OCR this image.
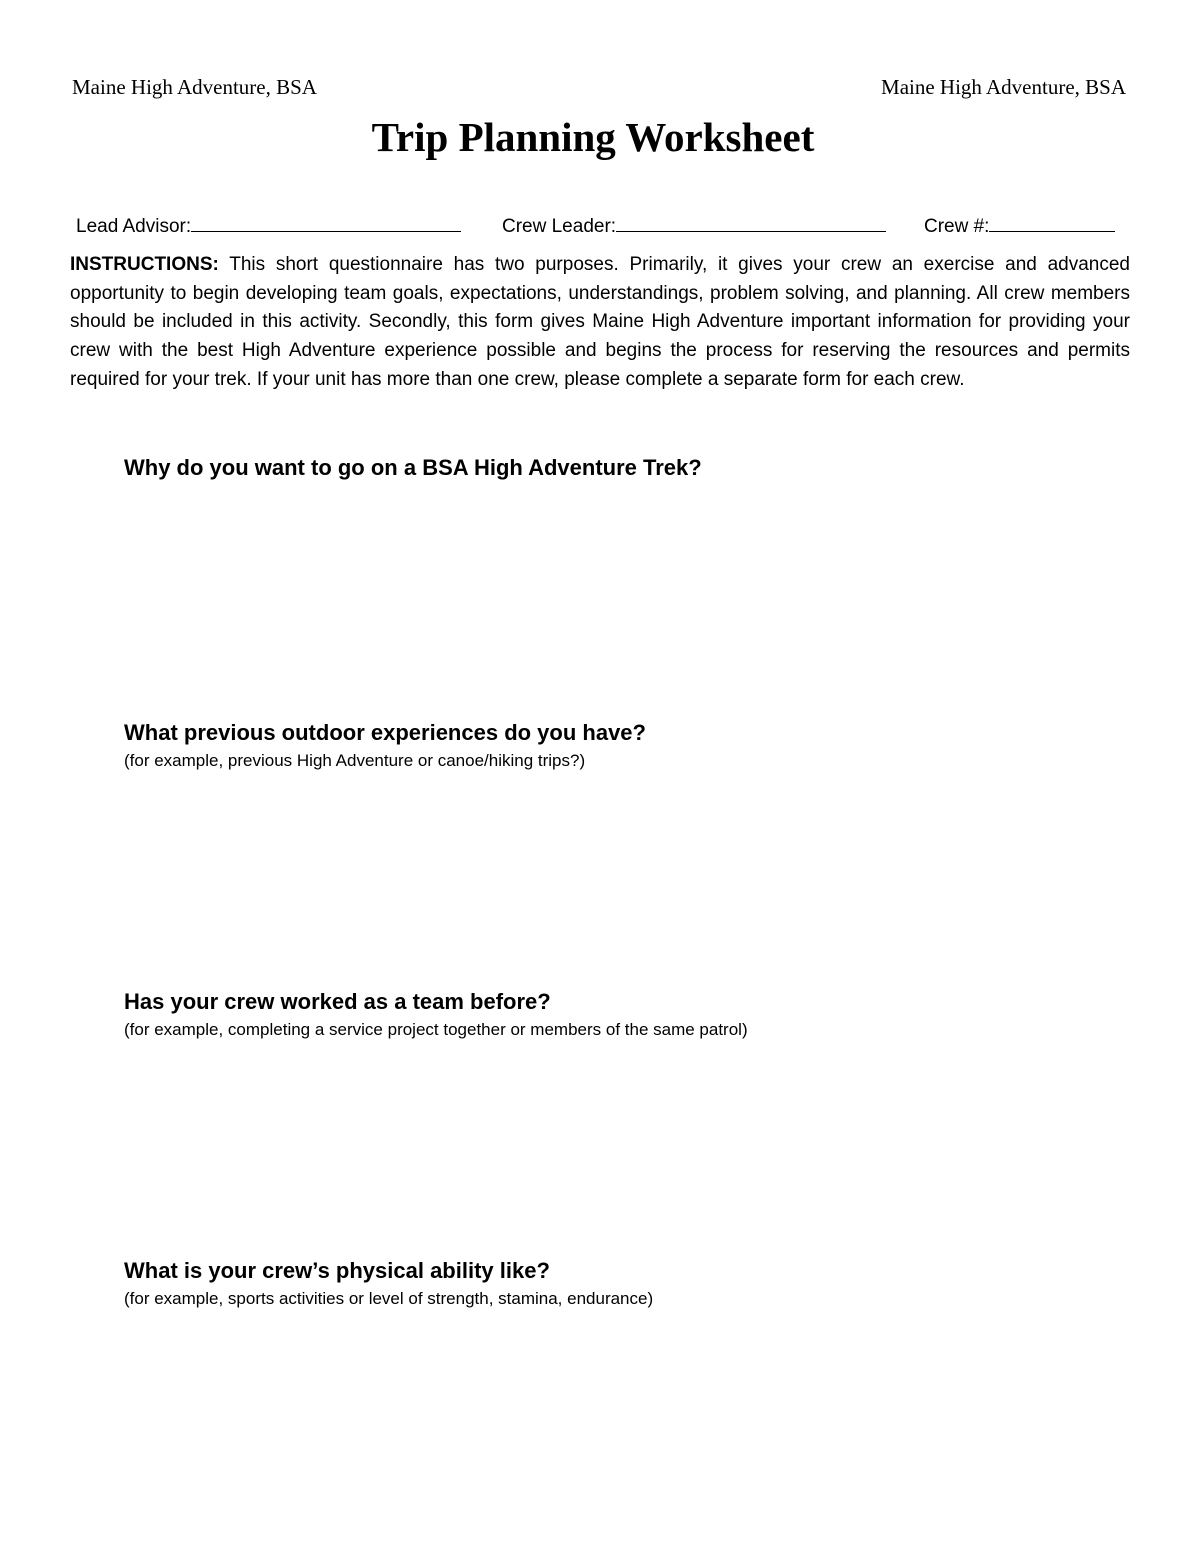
Maine High Adventure, BSA	Maine High Adventure, BSA
Trip Planning Worksheet
Lead Advisor:	Crew Leader:	Crew #:
INSTRUCTIONS: This short questionnaire has two purposes. Primarily, it gives your crew an exercise and advanced opportunity to begin developing team goals, expectations, understandings, problem solving, and planning. All crew members should be included in this activity. Secondly, this form gives Maine High Adventure important information for providing your crew with the best High Adventure experience possible and begins the process for reserving the resources and permits required for your trek. If your unit has more than one crew, please complete a separate form for each crew.
Why do you want to go on a BSA High Adventure Trek?
What previous outdoor experiences do you have?
(for example, previous High Adventure or canoe/hiking trips?)
Has your crew worked as a team before?
(for example, completing a service project together or members of the same patrol)
What is your crew’s physical ability like?
(for example, sports activities or level of strength, stamina, endurance)
